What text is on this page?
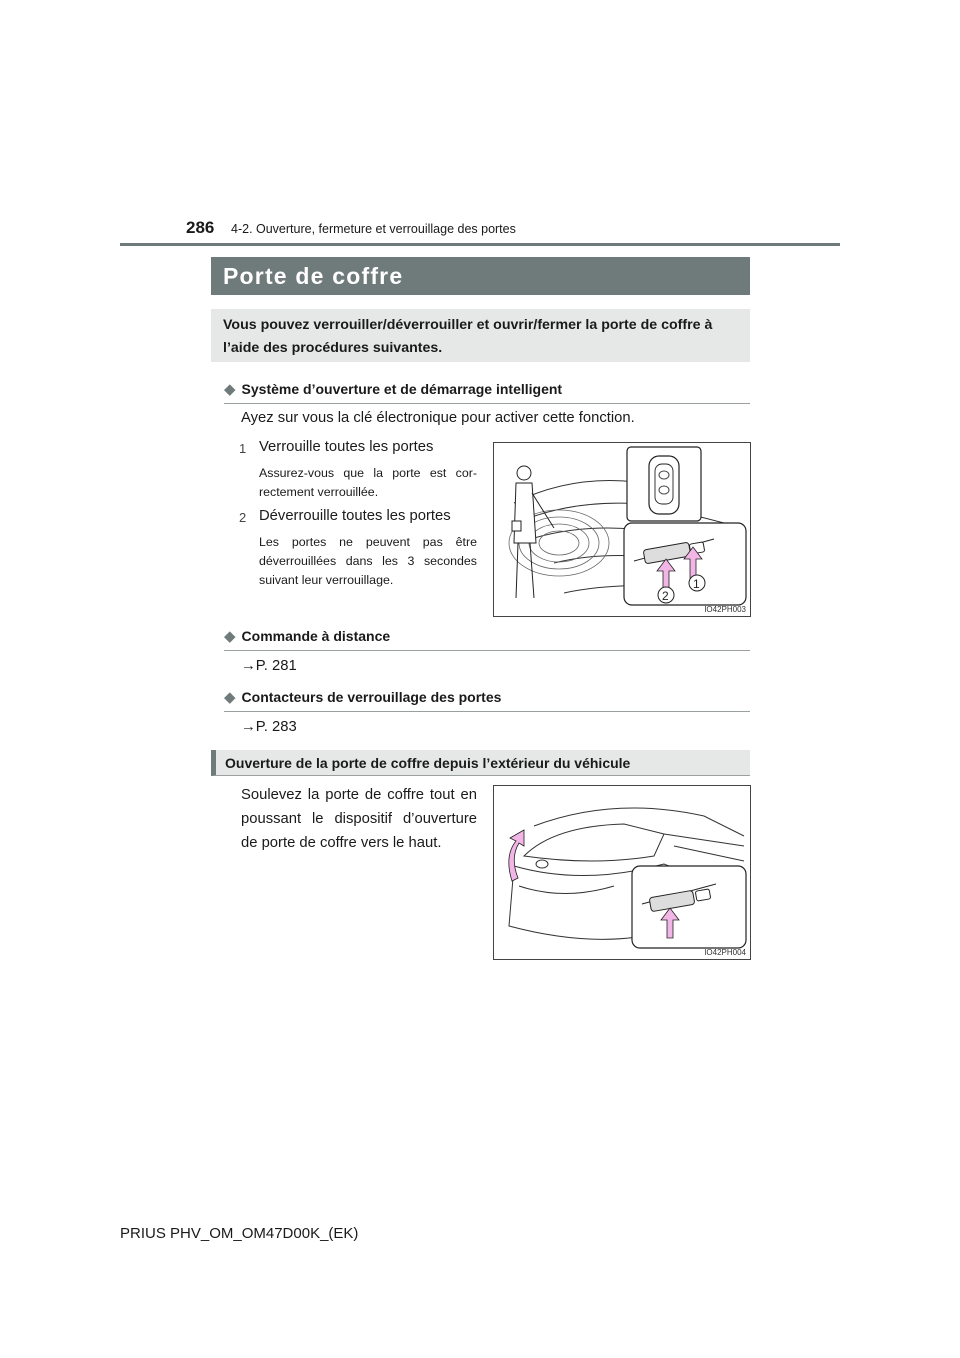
286 4-2. Ouverture, fermeture et verrouillage des portes
Porte de coffre
Vous pouvez verrouiller/déverrouiller et ouvrir/fermer la porte de coffre à l’aide des procédures suivantes.
◆ Système d’ouverture et de démarrage intelligent
Ayez sur vous la clé électronique pour activer cette fonction.
1 Verrouille toutes les portes
Assurez-vous que la porte est cor-rectement verrouillée.
2 Déverrouille toutes les portes
Les portes ne peuvent pas être déverrouillées dans les 3 secondes suivant leur verrouillage.	1
2
IO42PH003
◆ Commande à distance
→P. 281
◆ Contacteurs de verrouillage des portes
→P. 283
Ouverture de la porte de coffre depuis l’extérieur du véhicule
Soulevez la porte de coffre tout en poussant le dispositif d’ouverture de porte de coffre vers le haut.
IO42PH004
PRIUS PHV_OM_OM47D00K_(EK)
